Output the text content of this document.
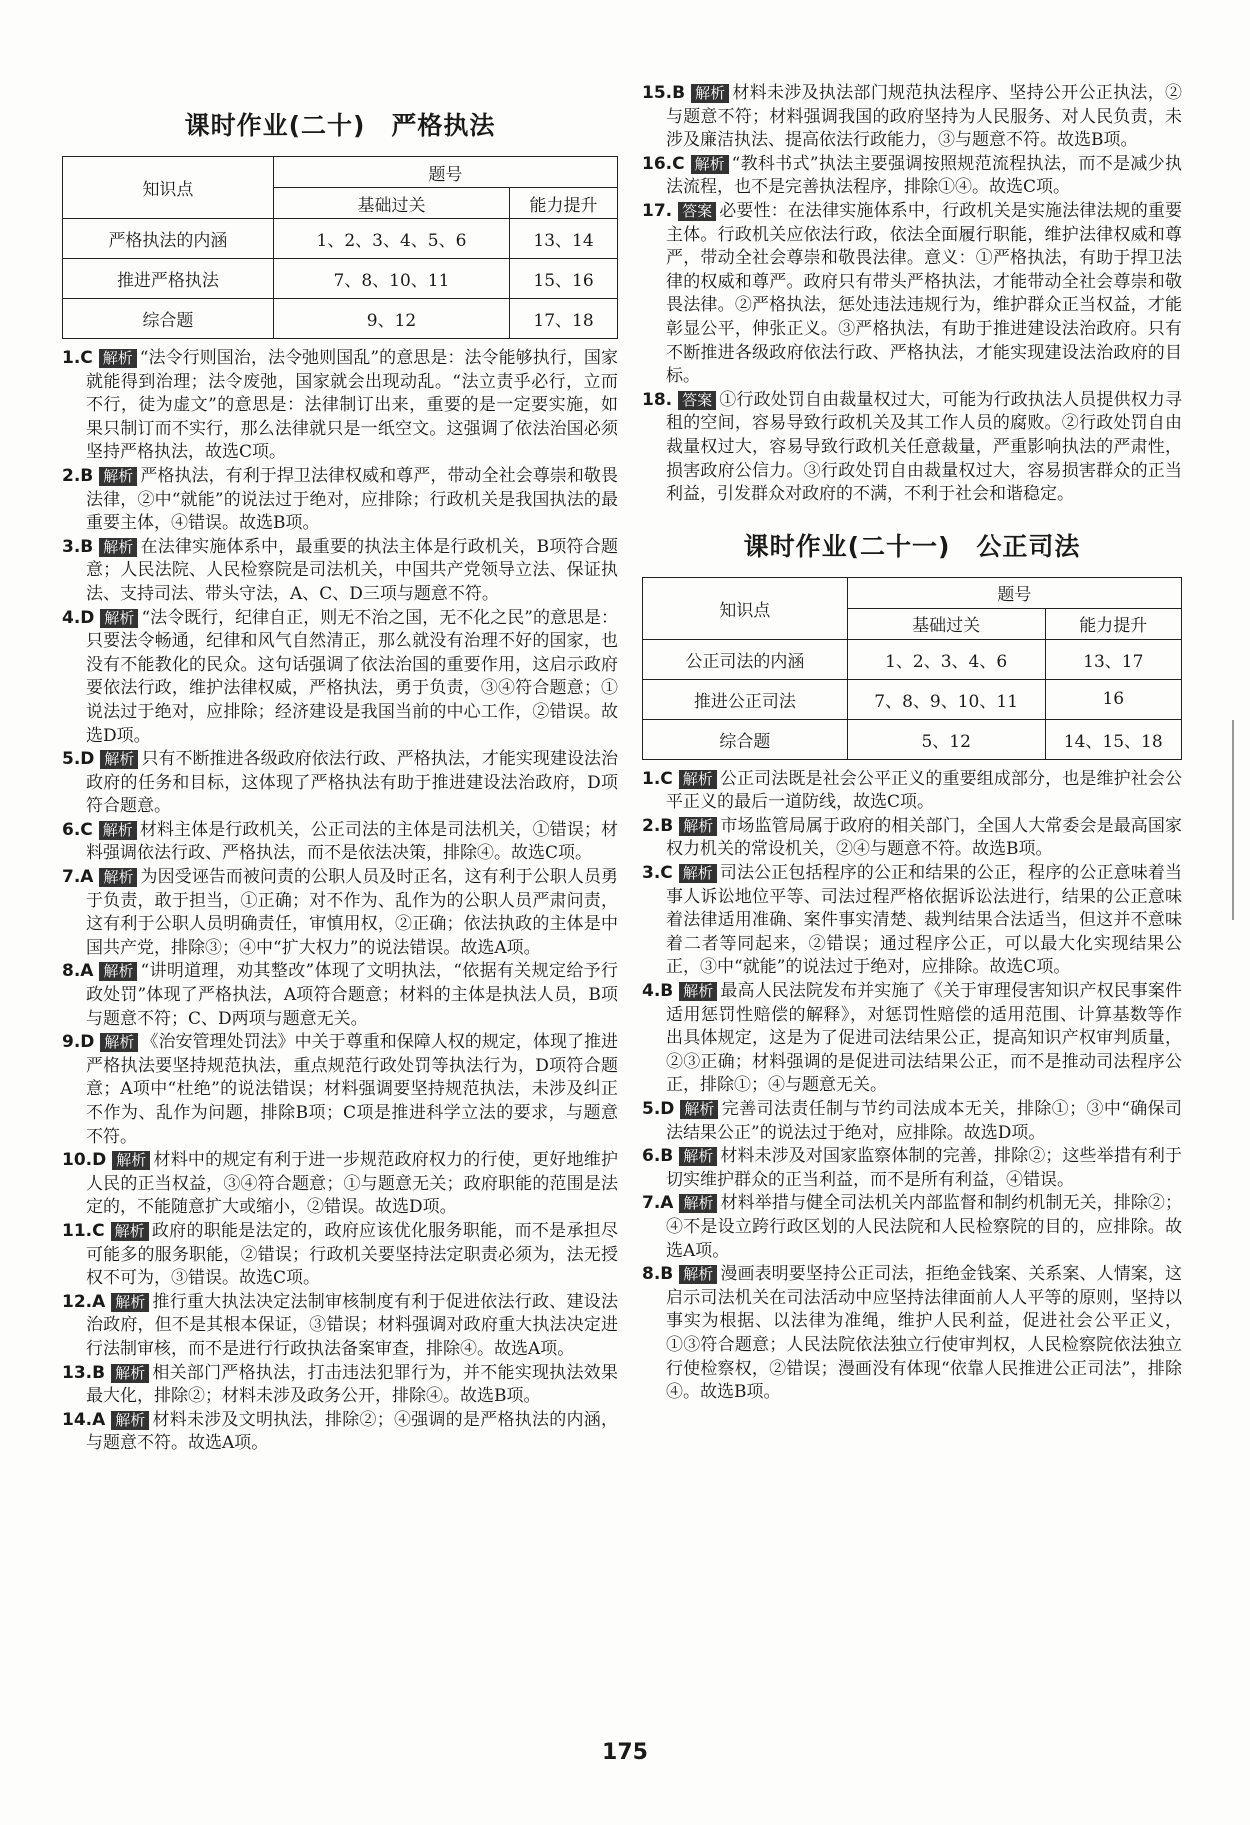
课时作业(二十)　严格执法
知识点	题号	
	基础过关	能力提升
严格执法的内涵	1、2、3、4、5、6	13、14
推进严格执法	7、8、10、11	15、16
综合题	9、12	17、18

1.C 解析 “法令行则国治，法令弛则国乱”的意思是：法令能够执行，国家就能得到治理；法令废弛，国家就会出现动乱。“法立责乎必行，立而不行，徒为虚文”的意思是：法律制订出来，重要的是一定要实施，如果只制订而不实行，那么法律就只是一纸空文。这强调了依法治国必须坚持严格执法，故选C项。

2.B 解析 严格执法，有利于捍卫法律权威和尊严，带动全社会尊崇和敬畏法律，②中“就能”的说法过于绝对，应排除；行政机关是我国执法的最重要主体，④错误。故选B项。

3.B 解析 在法律实施体系中，最重要的执法主体是行政机关，B项符合题意；人民法院、人民检察院是司法机关，中国共产党领导立法、保证执法、支持司法、带头守法，A、C、D三项与题意不符。

4.D 解析 “法令既行，纪律自正，则无不治之国，无不化之民”的意思是：只要法令畅通，纪律和风气自然清正，那么就没有治理不好的国家，也没有不能教化的民众。这句话强调了依法治国的重要作用，这启示政府要依法行政，维护法律权威，严格执法，勇于负责，③④符合题意；①说法过于绝对，应排除；经济建设是我国当前的中心工作，②错误。故选D项。

5.D 解析 只有不断推进各级政府依法行政、严格执法，才能实现建设法治政府的任务和目标，这体现了严格执法有助于推进建设法治政府，D项符合题意。

6.C 解析 材料主体是行政机关，公正司法的主体是司法机关，①错误；材料强调依法行政、严格执法，而不是依法决策，排除④。故选C项。

7.A 解析 为因受诬告而被问责的公职人员及时正名，这有利于公职人员勇于负责，敢于担当，①正确；对不作为、乱作为的公职人员严肃问责，这有利于公职人员明确责任，审慎用权，②正确；依法执政的主体是中国共产党，排除③；④中“扩大权力”的说法错误。故选A项。

8.A 解析 “讲明道理，劝其整改”体现了文明执法，“依据有关规定给予行政处罚”体现了严格执法，A项符合题意；材料的主体是执法人员，B项与题意不符；C、D两项与题意无关。

9.D 解析 《治安管理处罚法》中关于尊重和保障人权的规定，体现了推进严格执法要坚持规范执法，重点规范行政处罚等执法行为，D项符合题意；A项中“杜绝”的说法错误；材料强调要坚持规范执法，未涉及纠正不作为、乱作为问题，排除B项；C项是推进科学立法的要求，与题意不符。

10.D 解析 材料中的规定有利于进一步规范政府权力的行使，更好地维护人民的正当权益，③④符合题意；①与题意无关；政府职能的范围是法定的，不能随意扩大或缩小，②错误。故选D项。

11.C 解析 政府的职能是法定的，政府应该优化服务职能，而不是承担尽可能多的服务职能，②错误；行政机关要坚持法定职责必须为，法无授权不可为，③错误。故选C项。

12.A 解析 推行重大执法决定法制审核制度有利于促进依法行政、建设法治政府，但不是其根本保证，③错误；材料强调对政府重大执法决定进行法制审核，而不是进行行政执法备案审查，排除④。故选A项。

13.B 解析 相关部门严格执法，打击违法犯罪行为，并不能实现执法效果最大化，排除②；材料未涉及政务公开，排除④。故选B项。

14.A 解析 材料未涉及文明执法，排除②；④强调的是严格执法的内涵，与题意不符。故选A项。

15.B 解析 材料未涉及执法部门规范执法程序、坚持公开公正执法，②与题意不符；材料强调我国的政府坚持为人民服务、对人民负责，未涉及廉洁执法、提高依法行政能力，③与题意不符。故选B项。

16.C 解析 “教科书式”执法主要强调按照规范流程执法，而不是减少执法流程，也不是完善执法程序，排除①④。故选C项。

17. 答案 必要性：在法律实施体系中，行政机关是实施法律法规的重要主体。行政机关应依法行政，依法全面履行职能，维护法律权威和尊严，带动全社会尊崇和敬畏法律。意义：①严格执法，有助于捍卫法律的权威和尊严。政府只有带头严格执法，才能带动全社会尊崇和敬畏法律。②严格执法，惩处违法违规行为，维护群众正当权益，才能彰显公平，伸张正义。③严格执法，有助于推进建设法治政府。只有不断推进各级政府依法行政、严格执法，才能实现建设法治政府的目标。

18. 答案 ①行政处罚自由裁量权过大，可能为行政执法人员提供权力寻租的空间，容易导致行政机关及其工作人员的腐败。②行政处罚自由裁量权过大，容易导致行政机关任意裁量，严重影响执法的严肃性，损害政府公信力。③行政处罚自由裁量权过大，容易损害群众的正当利益，引发群众对政府的不满，不利于社会和谐稳定。

课时作业(二十一)　公正司法
知识点	题号	
	基础过关	能力提升
公正司法的内涵	1、2、3、4、6	13、17
推进公正司法	7、8、9、10、11	16
综合题	5、12	14、15、18

1.C 解析 公正司法既是社会公平正义的重要组成部分，也是维护社会公平正义的最后一道防线，故选C项。

2.B 解析 市场监管局属于政府的相关部门，全国人大常委会是最高国家权力机关的常设机关，②④与题意不符。故选B项。

3.C 解析 司法公正包括程序的公正和结果的公正，程序的公正意味着当事人诉讼地位平等、司法过程严格依据诉讼法进行，结果的公正意味着法律适用准确、案件事实清楚、裁判结果合法适当，但这并不意味着二者等同起来，②错误；通过程序公正，可以最大化实现结果公正，③中“就能”的说法过于绝对，应排除。故选C项。

4.B 解析 最高人民法院发布并实施了《关于审理侵害知识产权民事案件适用惩罚性赔偿的解释》，对惩罚性赔偿的适用范围、计算基数等作出具体规定，这是为了促进司法结果公正，提高知识产权审判质量，②③正确；材料强调的是促进司法结果公正，而不是推动司法程序公正，排除①；④与题意无关。

5.D 解析 完善司法责任制与节约司法成本无关，排除①；③中“确保司法结果公正”的说法过于绝对，应排除。故选D项。

6.B 解析 材料未涉及对国家监察体制的完善，排除②；这些举措有利于切实维护群众的正当利益，而不是所有利益，④错误。

7.A 解析 材料举措与健全司法机关内部监督和制约机制无关，排除②；④不是设立跨行政区划的人民法院和人民检察院的目的，应排除。故选A项。

8.B 解析 漫画表明要坚持公正司法，拒绝金钱案、关系案、人情案，这启示司法机关在司法活动中应坚持法律面前人人平等的原则，坚持以事实为根据、以法律为准绳，维护人民利益，促进社会公平正义，①③符合题意；人民法院依法独立行使审判权，人民检察院依法独立行使检察权，②错误；漫画没有体现“依靠人民推进公正司法”，排除④。故选B项。

175
